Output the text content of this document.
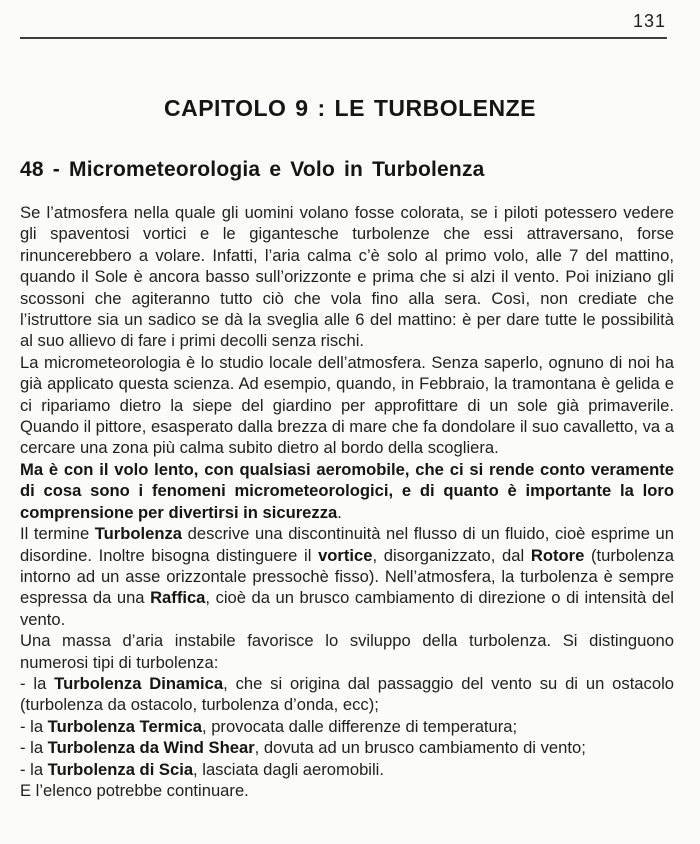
131
CAPITOLO 9 : LE TURBOLENZE
48 - Micrometeorologia e Volo in Turbolenza

Se l’atmosfera nella quale gli uomini volano fosse colorata, se i piloti potessero vedere gli spaventosi vortici e le gigantesche turbolenze che essi attraversano, forse rinuncerebbero a volare. Infatti, l’aria calma c’è solo al primo volo, alle 7 del mattino, quando il Sole è ancora basso sull’orizzonte e prima che si alzi il vento. Poi iniziano gli scossoni che agiteranno tutto ciò che vola fino alla sera. Così, non crediate che l’istruttore sia un sadico se dà la sveglia alle 6 del mattino: è per dare tutte le possibilità al suo allievo di fare i primi decolli senza rischi.

La micrometeorologia è lo studio locale dell’atmosfera. Senza saperlo, ognuno di noi ha già applicato questa scienza. Ad esempio, quando, in Febbraio, la tramontana è gelida e ci ripariamo dietro la siepe del giardino per approfittare di un sole già primaverile. Quando il pittore, esasperato dalla brezza di mare che fa dondolare il suo cavalletto, va a cercare una zona più calma subito dietro al bordo della scogliera.

Ma è con il volo lento, con qualsiasi aeromobile, che ci si rende conto veramente di cosa sono i fenomeni micrometeorologici, e di quanto è importante la loro comprensione per divertirsi in sicurezza.

Il termine Turbolenza descrive una discontinuità nel flusso di un fluido, cioè esprime un disordine. Inoltre bisogna distinguere il vortice, disorganizzato, dal Rotore (turbolenza intorno ad un asse orizzontale pressochè fisso). Nell’atmosfera, la turbolenza è sempre espressa da una Raffica, cioè da un brusco cambiamento di direzione o di intensità del vento.

Una massa d’aria instabile favorisce lo sviluppo della turbolenza. Si distinguono numerosi tipi di turbolenza:

- la Turbolenza Dinamica, che si origina dal passaggio del vento su di un ostacolo (turbolenza da ostacolo, turbolenza d’onda, ecc);

- la Turbolenza Termica, provocata dalle differenze di temperatura;

- la Turbolenza da Wind Shear, dovuta ad un brusco cambiamento di vento;

- la Turbolenza di Scia, lasciata dagli aeromobili.

E l’elenco potrebbe continuare.
